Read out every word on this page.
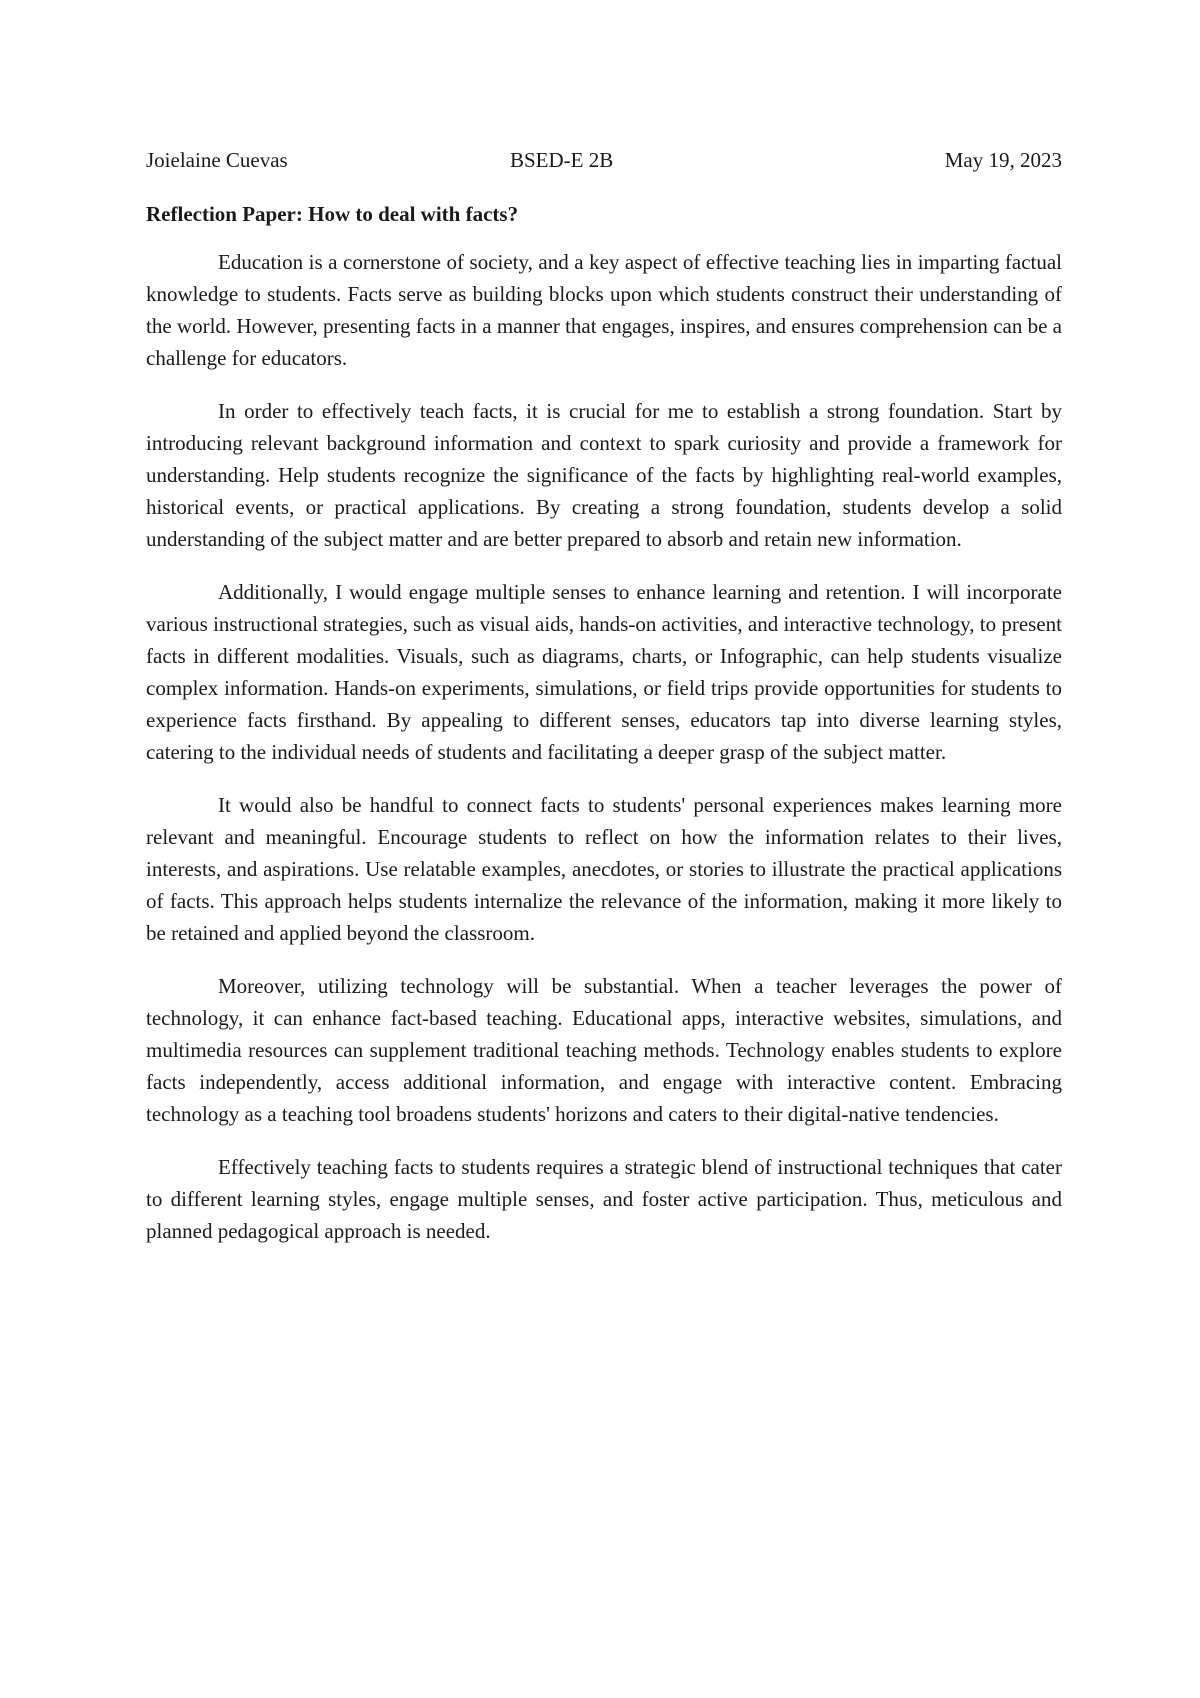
Joielaine Cuevas	BSED-E 2B	May 19, 2023
Reflection Paper: How to deal with facts?

Education is a cornerstone of society, and a key aspect of effective teaching lies in imparting factual knowledge to students. Facts serve as building blocks upon which students construct their understanding of the world. However, presenting facts in a manner that engages, inspires, and ensures comprehension can be a challenge for educators.

In order to effectively teach facts, it is crucial for me to establish a strong foundation. Start by introducing relevant background information and context to spark curiosity and provide a framework for understanding. Help students recognize the significance of the facts by highlighting real-world examples, historical events, or practical applications. By creating a strong foundation, students develop a solid understanding of the subject matter and are better prepared to absorb and retain new information.

Additionally, I would engage multiple senses to enhance learning and retention. I will incorporate various instructional strategies, such as visual aids, hands-on activities, and interactive technology, to present facts in different modalities. Visuals, such as diagrams, charts, or Infographic, can help students visualize complex information. Hands-on experiments, simulations, or field trips provide opportunities for students to experience facts firsthand. By appealing to different senses, educators tap into diverse learning styles, catering to the individual needs of students and facilitating a deeper grasp of the subject matter.

It would also be handful to connect facts to students' personal experiences makes learning more relevant and meaningful. Encourage students to reflect on how the information relates to their lives, interests, and aspirations. Use relatable examples, anecdotes, or stories to illustrate the practical applications of facts. This approach helps students internalize the relevance of the information, making it more likely to be retained and applied beyond the classroom.

Moreover, utilizing technology will be substantial. When a teacher leverages the power of technology, it can enhance fact-based teaching. Educational apps, interactive websites, simulations, and multimedia resources can supplement traditional teaching methods. Technology enables students to explore facts independently, access additional information, and engage with interactive content. Embracing technology as a teaching tool broadens students' horizons and caters to their digital-native tendencies.

Effectively teaching facts to students requires a strategic blend of instructional techniques that cater to different learning styles, engage multiple senses, and foster active participation. Thus, meticulous and planned pedagogical approach is needed.
